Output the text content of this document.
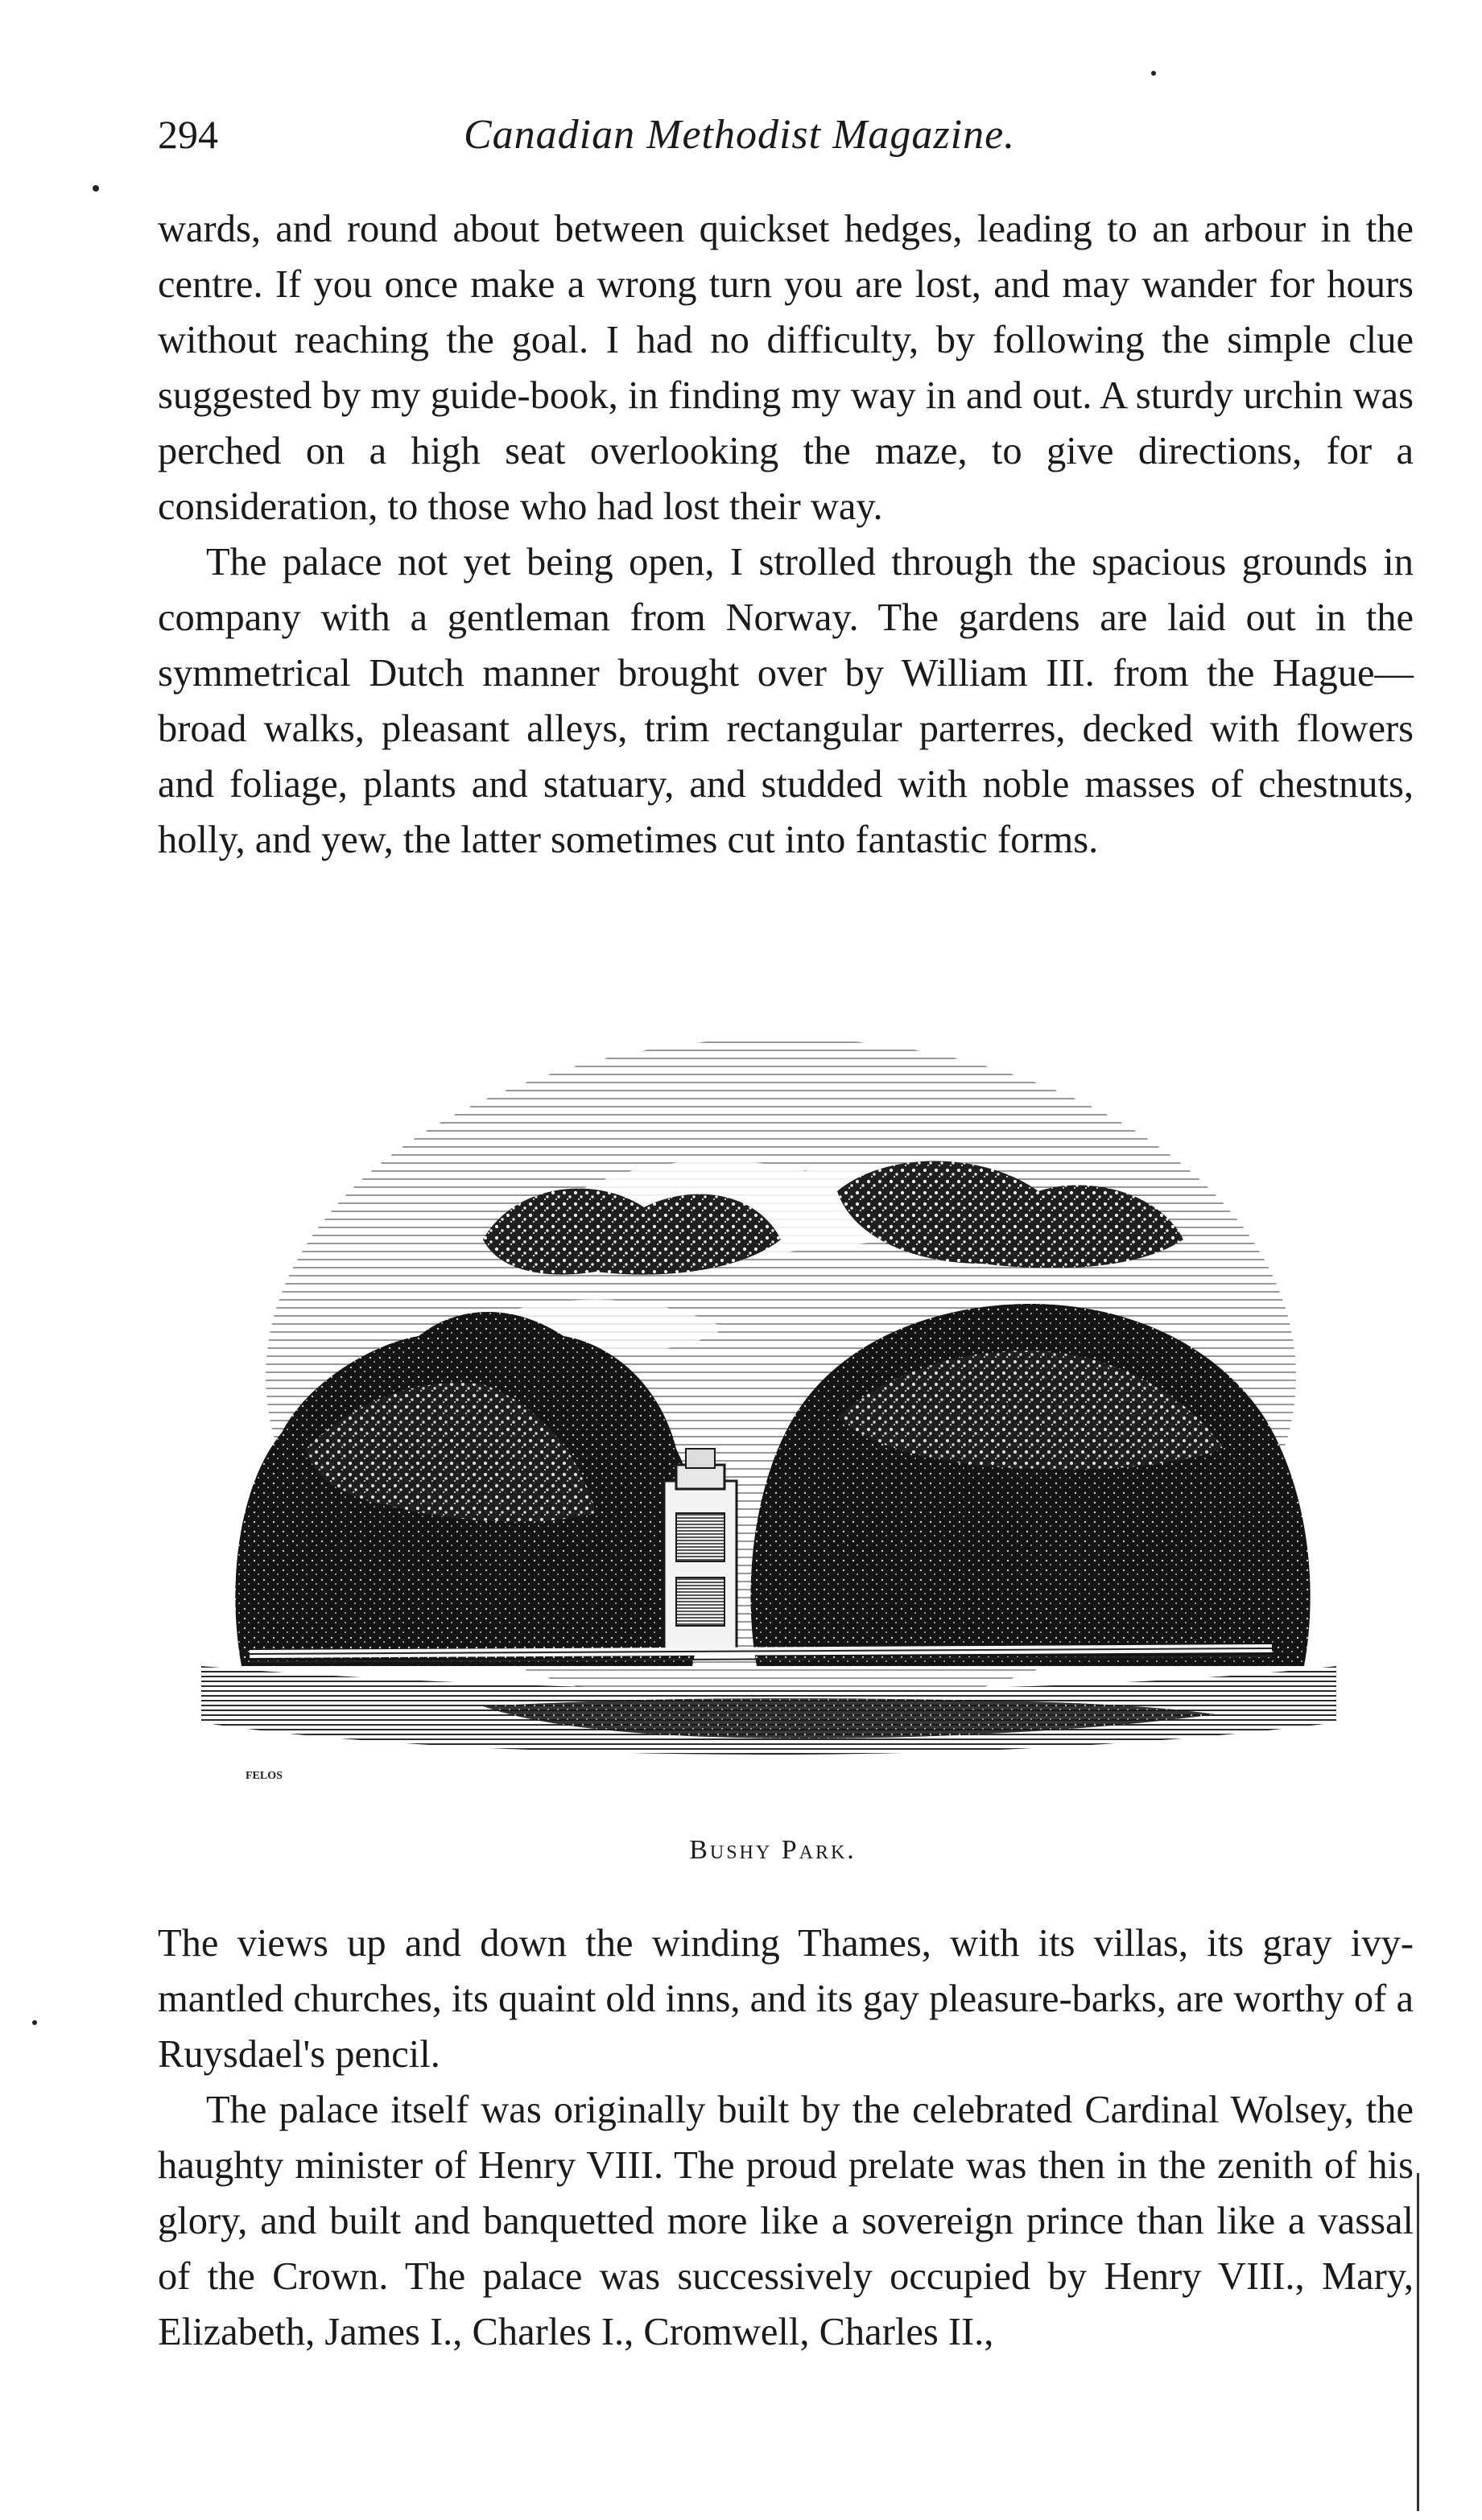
294	Canadian Methodist Magazine.

wards, and round about between quickset hedges, leading to an arbour in the centre. If you once make a wrong turn you are lost, and may wander for hours without reaching the goal. I had no difficulty, by following the simple clue suggested by my guide-book, in finding my way in and out. A sturdy urchin was perched on a high seat overlooking the maze, to give directions, for a consideration, to those who had lost their way.

The palace not yet being open, I strolled through the spacious grounds in company with a gentleman from Norway. The gardens are laid out in the symmetrical Dutch manner brought over by William III. from the Hague—broad walks, pleasant alleys, trim rectangular parterres, decked with flowers and foliage, plants and statuary, and studded with noble masses of chestnuts, holly, and yew, the latter sometimes cut into fantastic forms.

FELOS
Bushy Park.

The views up and down the winding Thames, with its villas, its gray ivy-mantled churches, its quaint old inns, and its gay pleasure-barks, are worthy of a Ruysdael's pencil.

The palace itself was originally built by the celebrated Cardinal Wolsey, the haughty minister of Henry VIII. The proud prelate was then in the zenith of his glory, and built and banquetted more like a sovereign prince than like a vassal of the Crown. The palace was successively occupied by Henry VIII., Mary, Elizabeth, James I., Charles I., Cromwell, Charles II.,
